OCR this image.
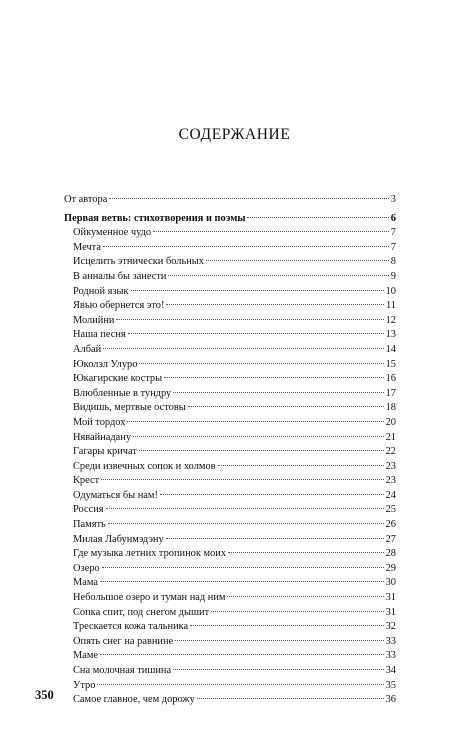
СОДЕРЖАНИЕ
От автора	3
Первая ветвь: стихотворения и поэмы	6
Ойкуменное чудо	7
Мечта	7
Исцелить этнически больных	8
В анналы бы занести	9
Родной язык	10
Явью обернется это!	11
Молийни	12
Наша песня	13
Албай	14
Юколэл Улуро	15
Юкагирские костры	16
Влюбленные в тундру	17
Видишь, мертвые остовы	18
Мой тордох	20
Нявайнадану	21
Гагары кричат	22
Среди извечных сопок и холмов	23
Крест	23
Одуматься бы нам!	24
Россия	25
Память	26
Милая Лабунмэдэну	27
Где музыка летних тропинок моих	28
Озеро	29
Мама	30
Небольшое озеро и туман над ним	31
Сопка спит, под снегом дышит	31
Трескается кожа тальника	32
Опять снег на равнине	33
Маме	33
Сна молочная тишина	34
Утро	35
Самое главное, чем дорожу	36
350
